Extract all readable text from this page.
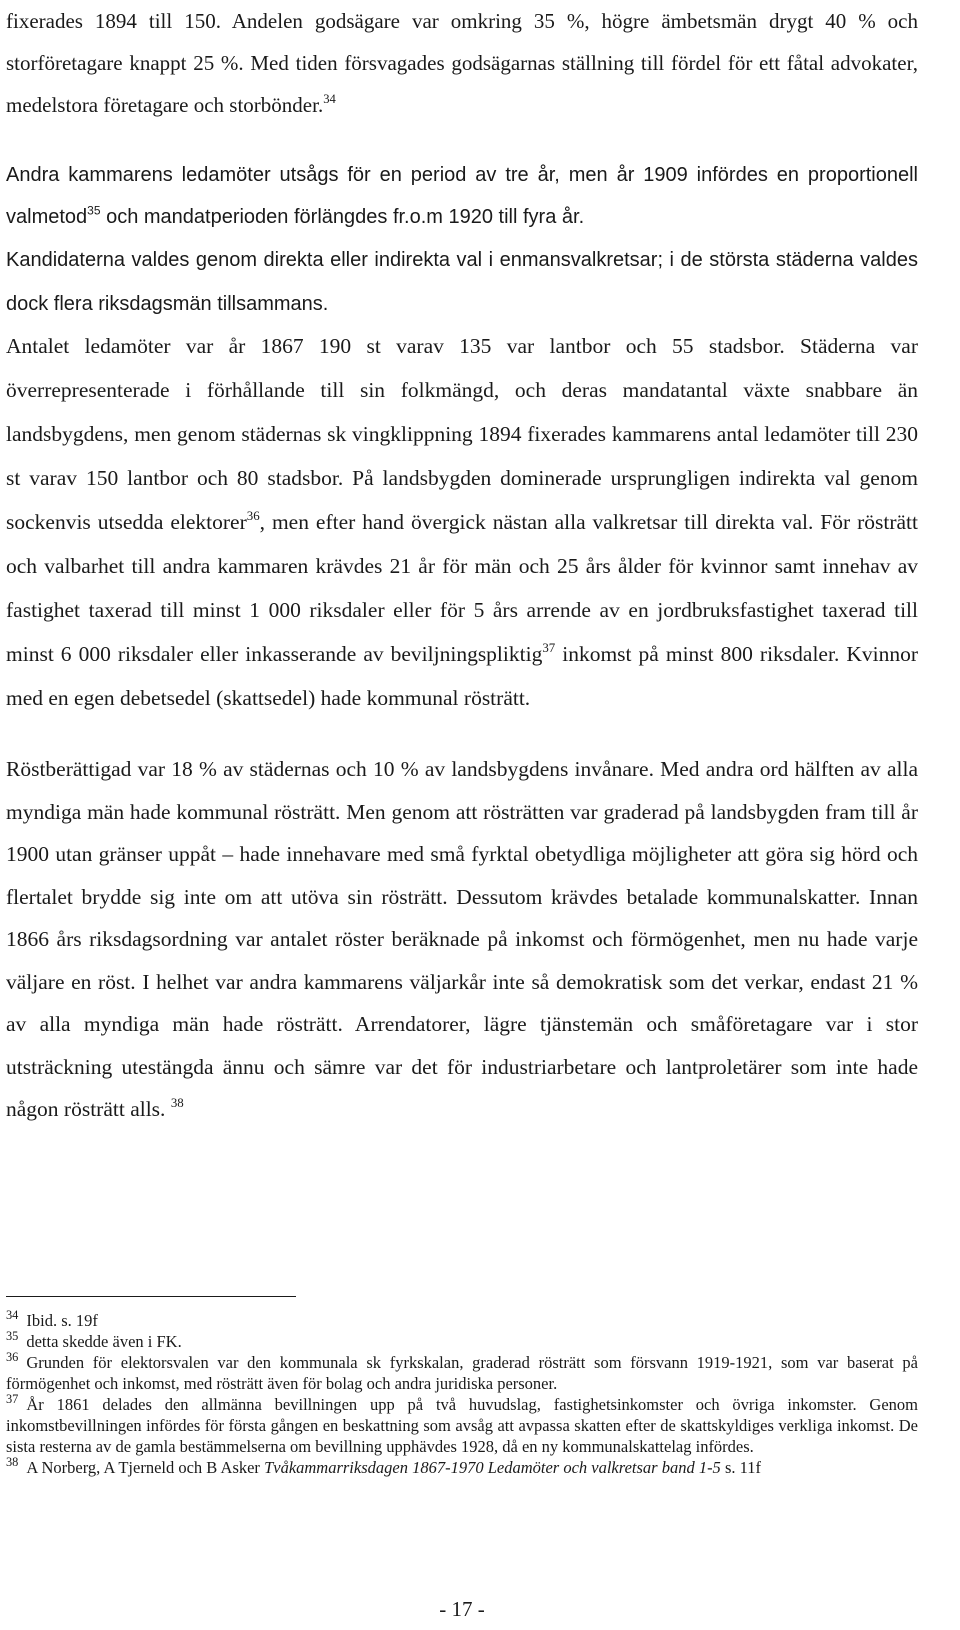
fixerades 1894 till 150. Andelen godsägare var omkring 35 %, högre ämbetsmän drygt 40 % och storföretagare knappt 25 %. Med tiden försvagades godsägarnas ställning till fördel för ett fåtal advokater, medelstora företagare och storbönder.$^{34}$

Andra kammarens ledamöter utsågs för en period av tre år, men år 1909 infördes en proportionell valmetod$^{35}$ och mandatperioden förlängdes fr.o.m 1920 till fyra år.

Kandidaterna valdes genom direkta eller indirekta val i enmansvalkretsar; i de största städerna valdes dock flera riksdagsmän tillsammans.

Antalet ledamöter var år 1867 190 st varav 135 var lantbor och 55 stadsbor. Städerna var överrepresenterade i förhållande till sin folkmängd, och deras mandatantal växte snabbare än landsbygdens, men genom städernas sk vingklippning 1894 fixerades kammarens antal ledamöter till 230 st varav 150 lantbor och 80 stadsbor. På landsbygden dominerade ursprungligen indirekta val genom sockenvis utsedda elektorer$^{36}$, men efter hand övergick nästan alla valkretsar till direkta val. För rösträtt och valbarhet till andra kammaren krävdes 21 år för män och 25 års ålder för kvinnor samt innehav av fastighet taxerad till minst 1 000 riksdaler eller för 5 års arrende av en jordbruksfastighet taxerad till minst 6 000 riksdaler eller inkasserande av beviljningspliktig$^{37}$ inkomst på minst 800 riksdaler. Kvinnor med en egen debetsedel (skattsedel) hade kommunal rösträtt.

Röstberättigad var 18 % av städernas och 10 % av landsbygdens invånare. Med andra ord hälften av alla myndiga män hade kommunal rösträtt. Men genom att rösträtten var graderad på landsbygden fram till år 1900 utan gränser uppåt – hade innehavare med små fyrktal obetydliga möjligheter att göra sig hörd och flertalet brydde sig inte om att utöva sin rösträtt. Dessutom krävdes betalade kommunalskatter. Innan 1866 års riksdagsordning var antalet röster beräknade på inkomst och förmögenhet, men nu hade varje väljare en röst. I helhet var andra kammarens väljarkår inte så demokratisk som det verkar, endast 21 % av alla myndiga män hade rösträtt. Arrendatorer, lägre tjänstemän och småföretagare var i stor utsträckning utestängda ännu och sämre var det för industriarbetare och lantproletärer som inte hade någon rösträtt alls. $^{38}$

$^{34}$ Ibid. s. 19f

$^{35}$ detta skedde även i FK.

$^{36}$ Grunden för elektorsvalen var den kommunala sk fyrkskalan, graderad rösträtt som försvann 1919-1921, som var baserat på förmögenhet och inkomst, med rösträtt även för bolag och andra juridiska personer.

$^{37}$ År 1861 delades den allmänna bevillningen upp på två huvudslag, fastighetsinkomster och övriga inkomster. Genom inkomstbevillningen infördes för första gången en beskattning som avsåg att avpassa skatten efter de skattskyldiges verkliga inkomst. De sista resterna av de gamla bestämmelserna om bevillning upphävdes 1928, då en ny kommunalskattelag infördes.

$^{38}$ A Norberg, A Tjerneld och B Asker Tvåkammarriksdagen 1867-1970 Ledamöter och valkretsar band 1-5 s. 11f

- 17 -
